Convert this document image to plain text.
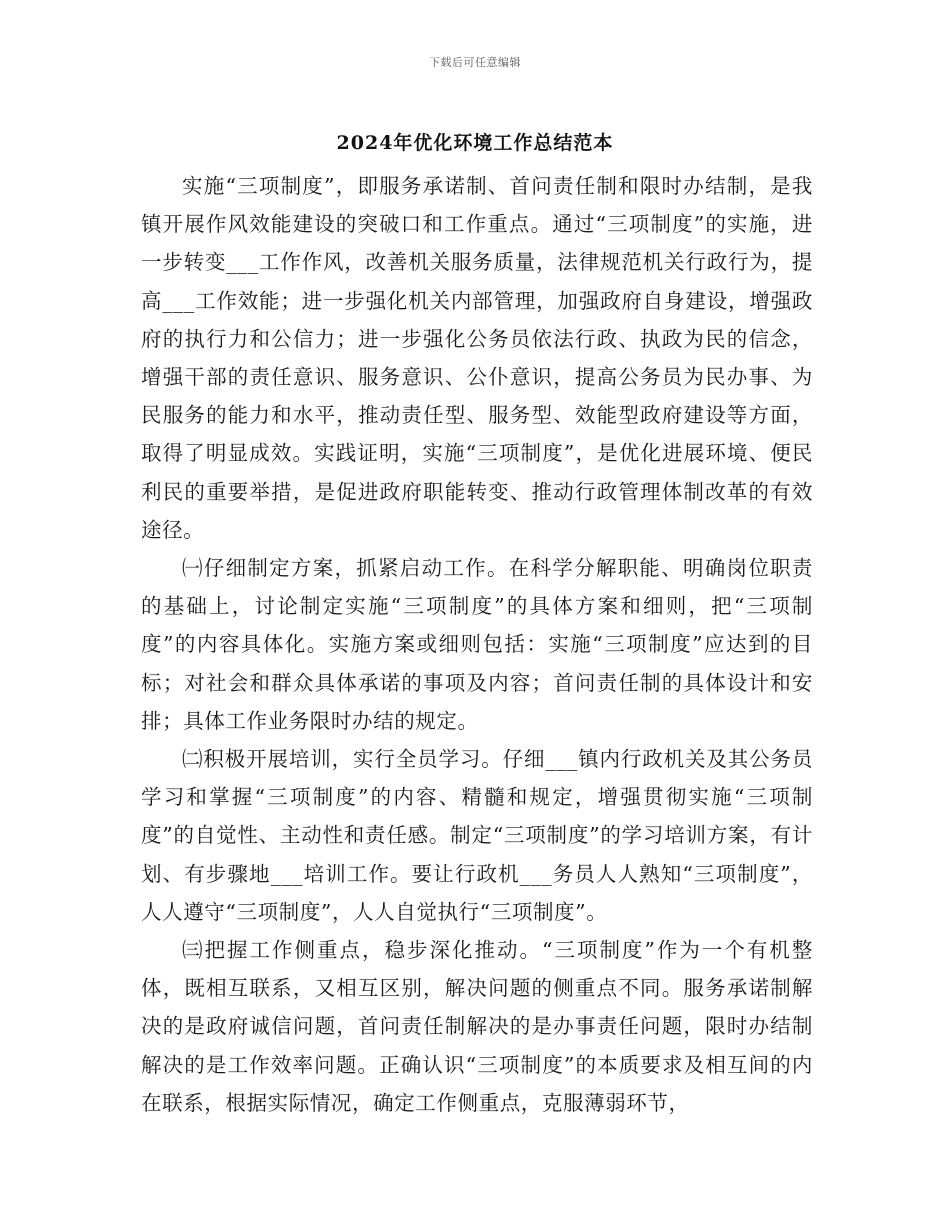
下载后可任意编辑
2024年优化环境工作总结范本

实施“三项制度”，即服务承诺制、首问责任制和限时办结制，是我镇开展作风效能建设的突破口和工作重点。通过“三项制度”的实施，进一步转变___工作作风，改善机关服务质量，法律规范机关行政行为，提高___工作效能；进一步强化机关内部管理，加强政府自身建设，增强政府的执行力和公信力；进一步强化公务员依法行政、执政为民的信念，增强干部的责任意识、服务意识、公仆意识，提高公务员为民办事、为民服务的能力和水平，推动责任型、服务型、效能型政府建设等方面，取得了明显成效。实践证明，实施“三项制度”，是优化进展环境、便民利民的重要举措，是促进政府职能转变、推动行政管理体制改革的有效途径。

㈠仔细制定方案，抓紧启动工作。在科学分解职能、明确岗位职责的基础上，讨论制定实施“三项制度”的具体方案和细则，把“三项制度”的内容具体化。实施方案或细则包括：实施“三项制度”应达到的目标；对社会和群众具体承诺的事项及内容；首问责任制的具体设计和安排；具体工作业务限时办结的规定。

㈡积极开展培训，实行全员学习。仔细___镇内行政机关及其公务员学习和掌握“三项制度”的内容、精髓和规定，增强贯彻实施“三项制度”的自觉性、主动性和责任感。制定“三项制度”的学习培训方案，有计划、有步骤地___培训工作。要让行政机___务员人人熟知“三项制度”，人人遵守“三项制度”，人人自觉执行“三项制度”。

㈢把握工作侧重点，稳步深化推动。“三项制度”作为一个有机整体，既相互联系，又相互区别，解决问题的侧重点不同。服务承诺制解决的是政府诚信问题，首问责任制解决的是办事责任问题，限时办结制解决的是工作效率问题。正确认识“三项制度”的本质要求及相互间的内在联系，根据实际情况，确定工作侧重点，克服薄弱环节，
